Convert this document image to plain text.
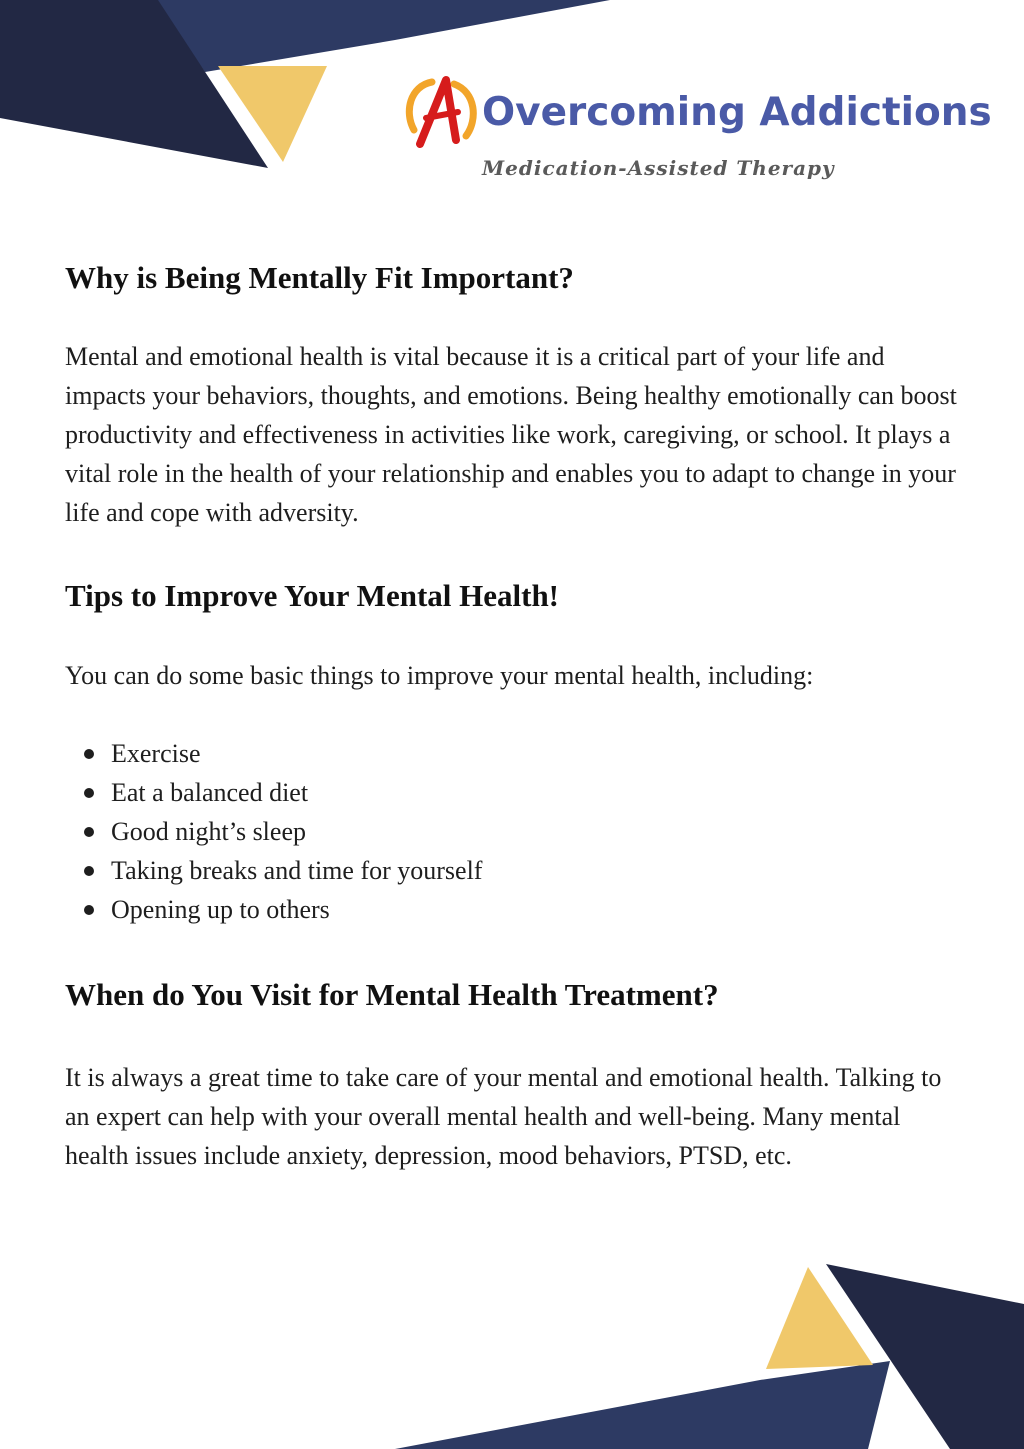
Overcoming Addictions
Medication-Assisted Therapy
Why is Being Mentally Fit Important?

Mental and emotional health is vital because it is a critical part of your life and impacts your behaviors, thoughts, and emotions. Being healthy emotionally can boost productivity and effectiveness in activities like work, caregiving, or school. It plays a vital role in the health of your relationship and enables you to adapt to change in your life and cope with adversity.

Tips to Improve Your Mental Health!

You can do some basic things to improve your mental health, including:

Exercise
Eat a balanced diet
Good night’s sleep
Taking breaks and time for yourself
Opening up to others
When do You Visit for Mental Health Treatment?

It is always a great time to take care of your mental and emotional health. Talking to an expert can help with your overall mental health and well-being. Many mental health issues include anxiety, depression, mood behaviors, PTSD, etc.
